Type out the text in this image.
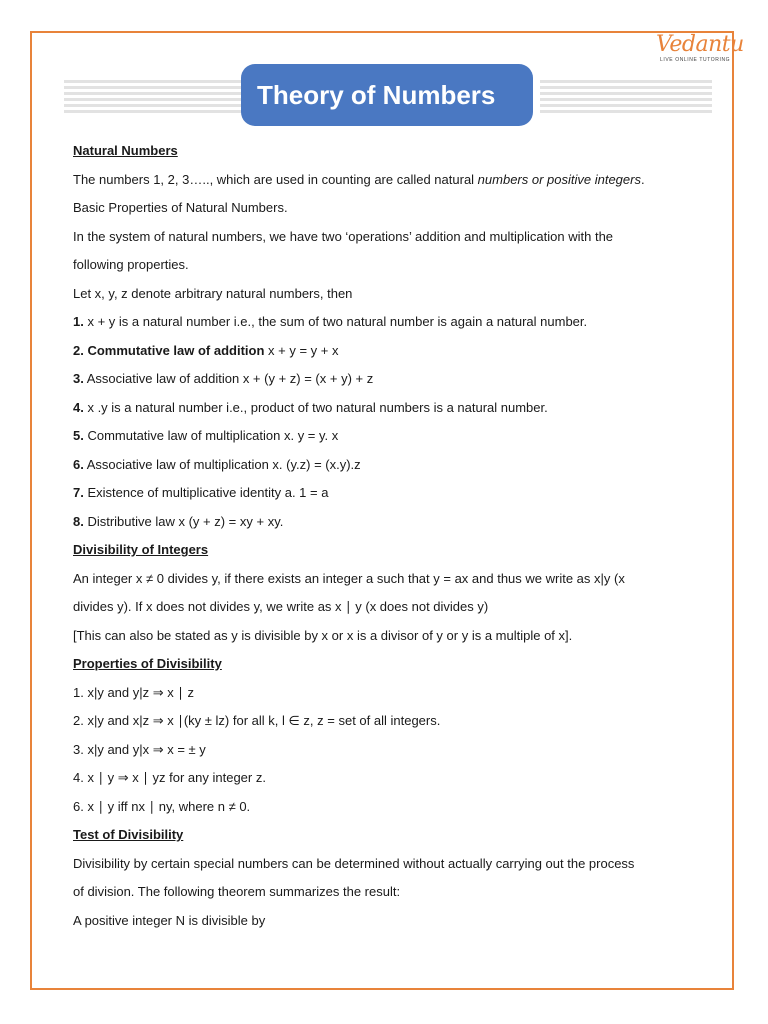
Theory of Numbers
Vedantu
LIVE ONLINE TUTORING
Natural Numbers
The numbers 1, 2, 3….., which are used in counting are called natural numbers or positive integers.
Basic Properties of Natural Numbers.
In the system of natural numbers, we have two ‘operations’ addition and multiplication with the
following properties.
Let x, y, z denote arbitrary natural numbers, then
1. x + y is a natural number i.e., the sum of two natural number is again a natural number.
2. Commutative law of addition x + y = y + x
3. Associative law of addition x + (y + z) = (x + y) + z
4. x .y is a natural number i.e., product of two natural numbers is a natural number.
5. Commutative law of multiplication x. y = y. x
6. Associative law of multiplication x. (y.z) = (x.y).z
7. Existence of multiplicative identity a. 1 = a
8. Distributive law x (y + z) = xy + xy.
Divisibility of Integers
An integer x ≠ 0 divides y, if there exists an integer a such that y = ax and thus we write as x|y (x
divides y). If x does not divides y, we write as x ∣ y (x does not divides y)
[This can also be stated as y is divisible by x or x is a divisor of y or y is a multiple of x].
Properties of Divisibility
1. x|y and y|z ⇒ x ∣ z
2. x|y and x|z ⇒ x ∣(ky ± lz) for all k, l ∈ z, z = set of all integers.
3. x|y and y|x ⇒ x = ± y
4. x ∣ y ⇒ x ∣ yz for any integer z.
6. x ∣ y iff nx ∣ ny, where n ≠ 0.
Test of Divisibility
Divisibility by certain special numbers can be determined without actually carrying out the process
of division. The following theorem summarizes the result:
A positive integer N is divisible by
